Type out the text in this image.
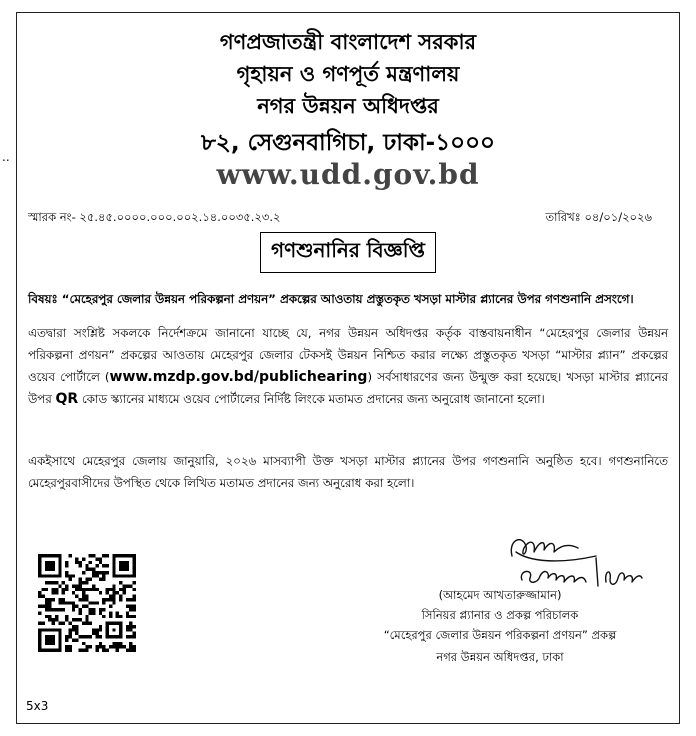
..
গণপ্রজাতন্ত্রী বাংলাদেশ সরকার
গৃহায়ন ও গণপূর্ত মন্ত্রণালয়
নগর উন্নয়ন অধিদপ্তর
৮২, সেগুনবাগিচা, ঢাকা-১০০০
www.udd.gov.bd
স্মারক নং- ২৫.৪৫.০০০০.০০০.০০২.১৪.০০৩৫.২৩.২	তারিখঃ ০৪/০১/২০২৬
গণশুনানির বিজ্ঞপ্তি
বিষয়ঃ “মেহেরপুর জেলার উন্নয়ন পরিকল্পনা প্রণয়ন” প্রকল্পের আওতায় প্রস্তুতকৃত খসড়া মাস্টার প্ল্যানের উপর গণশুনানি প্রসংগে।
এতদ্বারা সংশ্লিষ্ট সকলকে নির্দেশক্রমে জানানো যাচ্ছে যে, নগর উন্নয়ন অধিদপ্তর কর্তৃক বাস্তবায়নাধীন “মেহেরপুর জেলার উন্নয়ন
পরিকল্পনা প্রণয়ন” প্রকল্পের আওতায় মেহেরপুর জেলার টেকসই উন্নয়ন নিশ্চিত করার লক্ষ্যে প্রস্তুতকৃত খসড়া “মাস্টার প্ল্যান” প্রকল্পের
ওয়েব পোর্টালে (www.mzdp.gov.bd/publichearing) সর্বসাধারণের জন্য উন্মুক্ত করা হয়েছে। খসড়া মাস্টার প্ল্যানের
উপর QR কোড স্ক্যানের মাধ্যমে ওয়েব পোর্টালের নির্দিষ্ট লিংকে মতামত প্রদানের জন্য অনুরোধ জানানো হলো।
একইসাথে মেহেরপুর জেলায় জানুয়ারি, ২০২৬ মাসব্যাপী উক্ত খসড়া মাস্টার প্ল্যানের উপর গণশুনানি অনুষ্ঠিত হবে। গণশুনানিতে
মেহেরপুরবাসীদের উপস্থিত থেকে লিখিত মতামত প্রদানের জন্য অনুরোধ করা হলো।
(আহমেদ আখতারুজ্জামান)
সিনিয়র প্ল্যানার ও প্রকল্প পরিচালক
“মেহেরপুর জেলার উন্নয়ন পরিকল্পনা প্রণয়ন” প্রকল্প
নগর উন্নয়ন অধিদপ্তর, ঢাকা
5x3
